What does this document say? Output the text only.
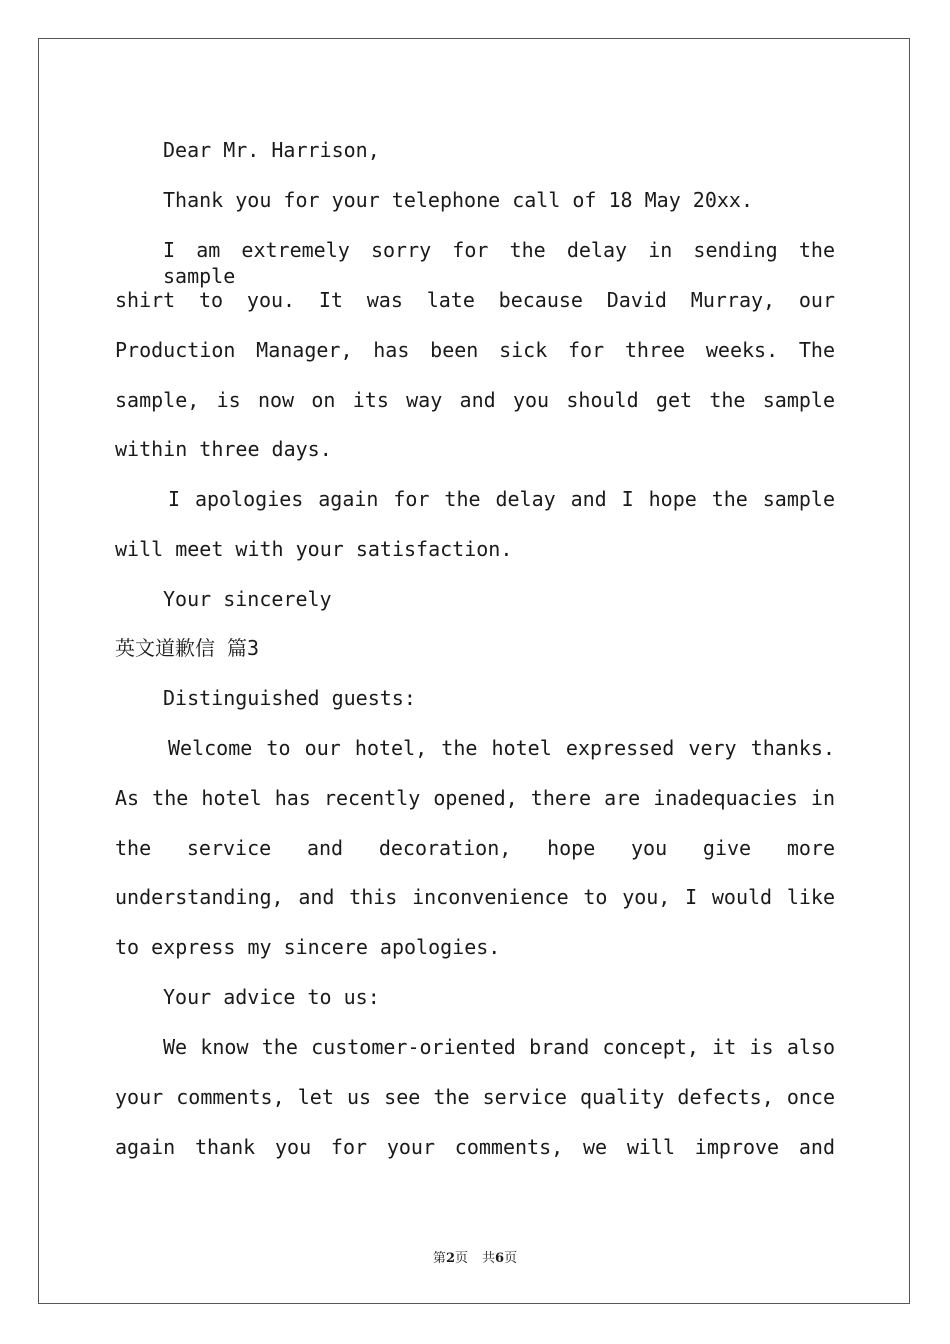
Dear Mr. Harrison,
Thank you for your telephone call of 18 May 20xx.
I am extremely sorry for the delay in sending the sample
shirt to you. It was late because David Murray, our
Production Manager, has been sick for three weeks. The
sample, is now on its way and you should get the sample
within three days.
I apologies again for the delay and I hope the sample
will meet with your satisfaction.
Your sincerely
英文道歉信 篇3
Distinguished guests:
Welcome to our hotel, the hotel expressed very thanks.
As the hotel has recently opened, there are inadequacies in
the service and decoration, hope you give more
understanding, and this inconvenience to you, I would like
to express my sincere apologies.
Your advice to us:
We know the customer-oriented brand concept, it is also
your comments, let us see the service quality defects, once
again thank you for your comments, we will improve and
第2页 共6页
